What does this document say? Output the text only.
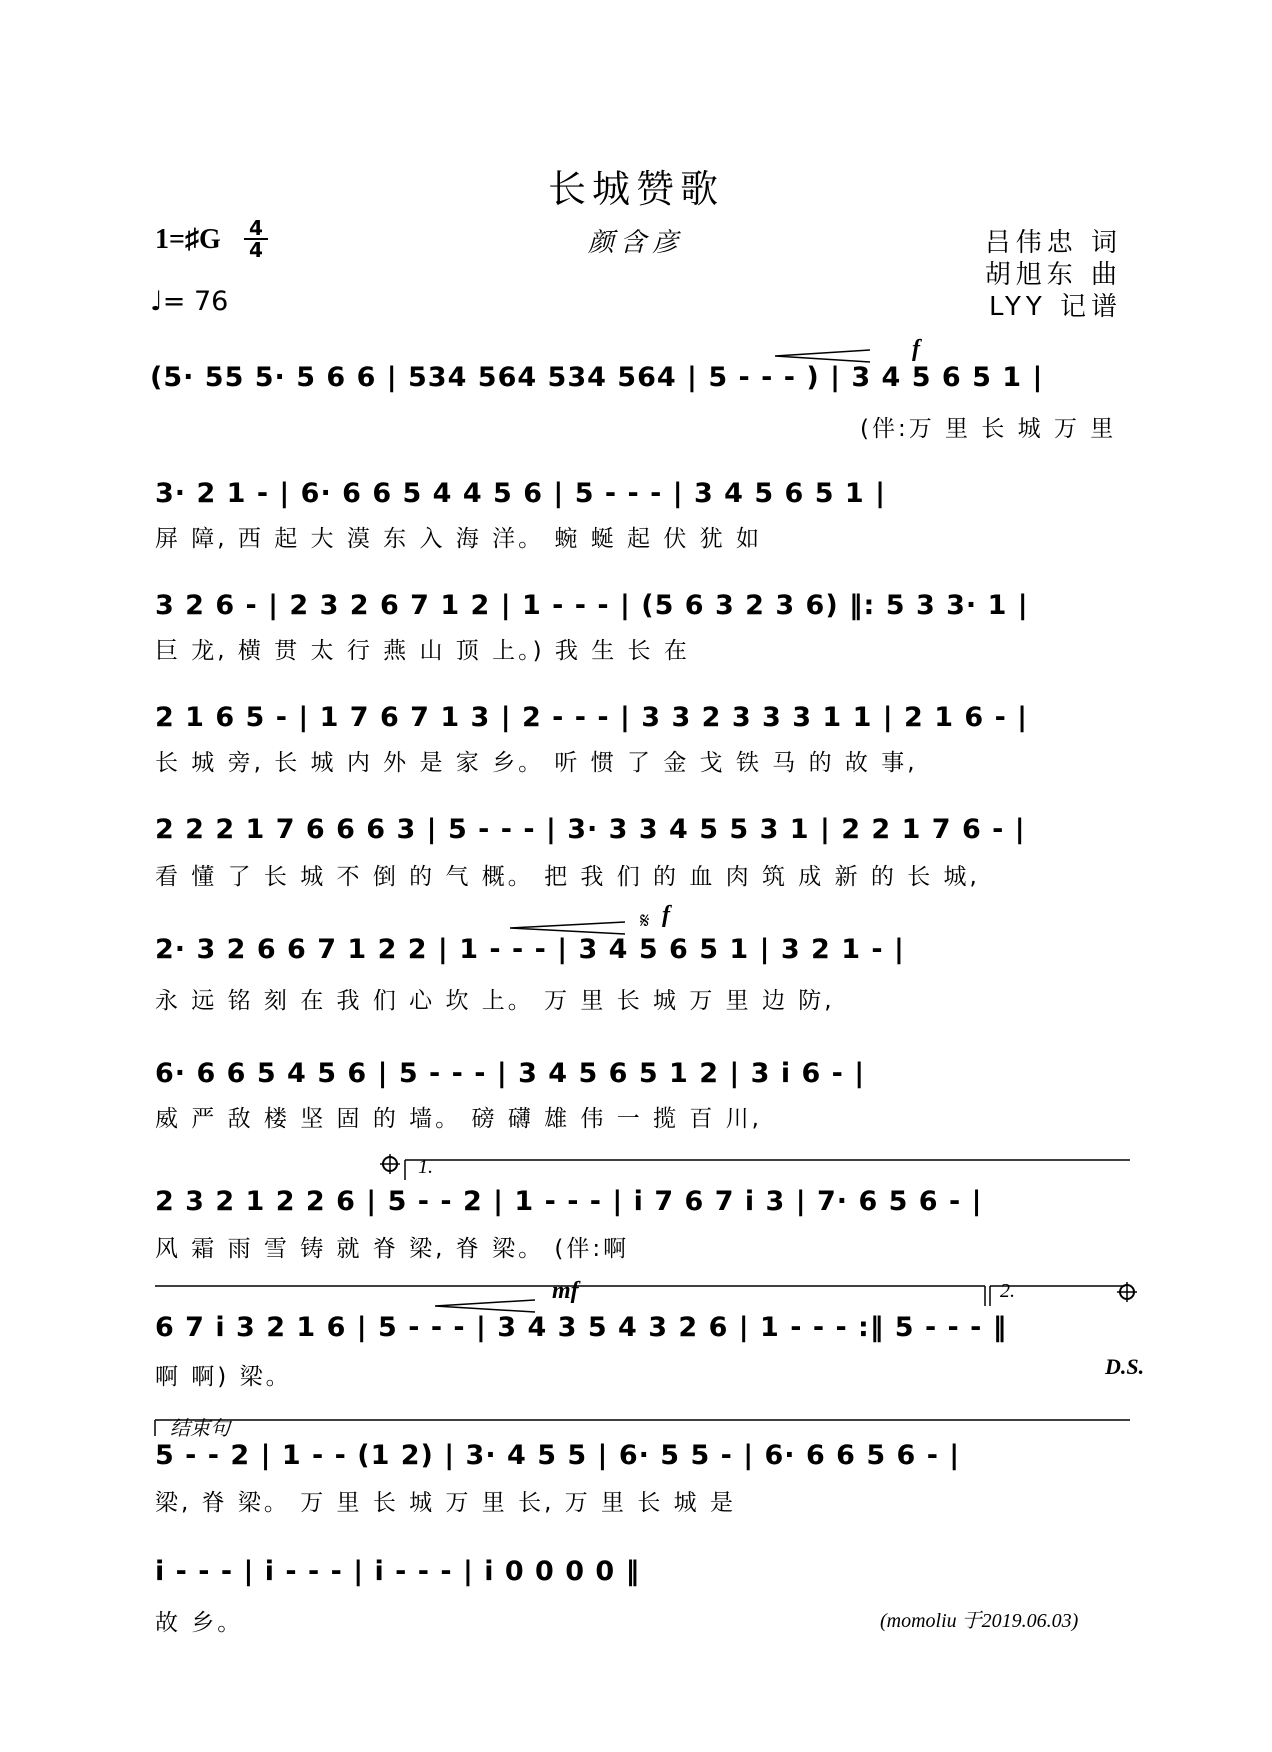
长城赞歌
颜含彦
1=♯G 4
4
♩= 76
吕伟忠 词
胡旭东 曲
LYY 记谱
(5· 55 5· 5 6 6 | 534 564 534 564 | 5 - - - ) | 3 4 5 6 5 1 |
(伴:万 里 长 城 万 里
3· 2 1 - | 6· 6 6 5 4 4 5 6 | 5 - - - | 3 4 5 6 5 1 |
屏 障, 西 起 大 漠 东 入 海 洋。 蜿 蜒 起 伏 犹 如
3 2 6 - | 2 3 2 6 7 1 2 | 1 - - - | (5 6 3 2 3 6) ‖: 5 3 3· 1 |
巨 龙, 横 贯 太 行 燕 山 顶 上。) 我 生 长 在
2 1 6 5 - | 1 7 6 7 1 3 | 2 - - - | 3 3 2 3 3 3 1 1 | 2 1 6 - |
长 城 旁, 长 城 内 外 是 家 乡。 听 惯 了 金 戈 铁 马 的 故 事,
2 2 2 1 7 6 6 6 3 | 5 - - - | 3· 3 3 4 5 5 3 1 | 2 2 1 7 6 - |
看 懂 了 长 城 不 倒 的 气 概。 把 我 们 的 血 肉 筑 成 新 的 长 城,
f
2· 3 2 6 6 7 1 2 2 | 1 - - - | 3 4 5 6 5 1 | 3 2 1 - |
永 远 铭 刻 在 我 们 心 坎 上。 万 里 长 城 万 里 边 防,
6· 6 6 5 4 5 6 | 5 - - - | 3 4 5 6 5 1 2 | 3 i 6 - |
威 严 敌 楼 坚 固 的 墙。 磅 礴 雄 伟 一 揽 百 川,
1.
2 3 2 1 2 2 6 | 5 - - 2 | 1 - - - | i 7 6 7 i 3 | 7· 6 5 6 - |
风 霜 雨 雪 铸 就 脊 梁, 脊 梁。 (伴:啊
2.
mf
6 7 i 3 2 1 6 | 5 - - - | 3 4 3 5 4 3 2 6 | 1 - - - :‖ 5 - - - ‖
啊 啊) 梁。	D.S.
结束句
5 - - 2 | 1 - - (1 2) | 3· 4 5 5 | 6· 5 5 - | 6· 6 6 5 6 - |
梁, 脊 梁。 万 里 长 城 万 里 长, 万 里 长 城 是
i - - - | i - - - | i - - - | i 0 0 0 0 ‖
故 乡。	(momoliu 于2019.06.03)
f
𝄋
